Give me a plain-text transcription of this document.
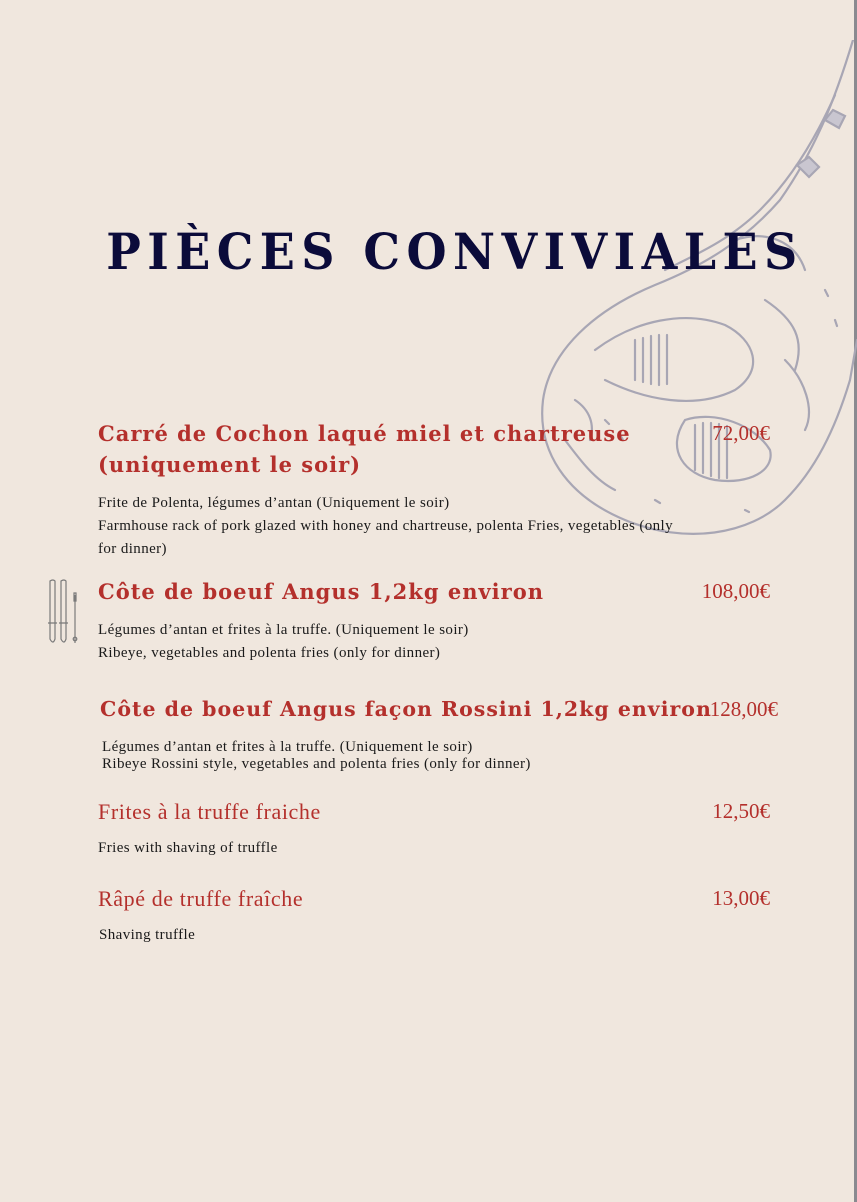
PIÈCES CONVIVIALES
Carré de Cochon laqué miel et chartreuse
(uniquement le soir)
72,00€
Frite de Polenta, légumes d’antan (Uniquement le soir)
Farmhouse rack of pork glazed with honey and chartreuse, polenta Fries, vegetables (only
for dinner)
Côte de boeuf Angus 1,2kg environ	108,00€
Légumes d’antan et frites à la truffe. (Uniquement le soir)
Ribeye, vegetables and polenta fries (only for dinner)
Côte de boeuf Angus façon Rossini 1,2kg environ
128,00€
Légumes d’antan et frites à la truffe. (Uniquement le soir)
Ribeye Rossini style, vegetables and polenta fries (only for dinner)
Frites à la truffe fraiche	12,50€
Fries with shaving of truffle
Râpé de truffe fraîche	13,00€
Shaving truffle
